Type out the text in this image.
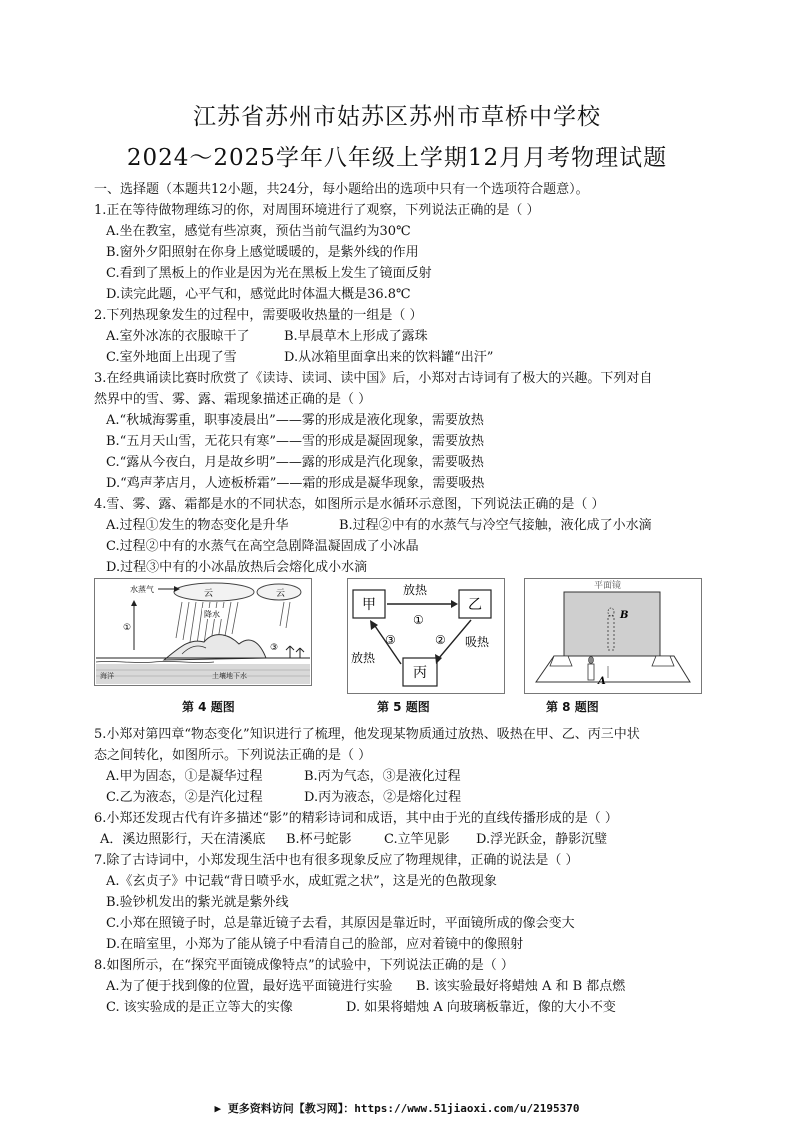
江苏省苏州市姑苏区苏州市草桥中学校
2024～2025学年八年级上学期12月月考物理试题
一、选择题（本题共12小题，共24分，每小题给出的选项中只有一个选项符合题意）。
1.正在等待做物理练习的你，对周围环境进行了观察，下列说法正确的是（ ）
A.坐在教室，感觉有些凉爽，预估当前气温约为30℃
B.窗外夕阳照射在你身上感觉暖暖的，是紫外线的作用
C.看到了黑板上的作业是因为光在黑板上发生了镜面反射
D.读完此题，心平气和，感觉此时体温大概是36.8℃
2.下列热现象发生的过程中，需要吸收热量的一组是（ ）
A.室外冰冻的衣服晾干了	B.早晨草木上形成了露珠
C.室外地面上出现了雪	D.从冰箱里面拿出来的饮料罐“出汗”
3.在经典诵读比赛时欣赏了《读诗、读词、读中国》后，小郑对古诗词有了极大的兴趣。下列对自
然界中的雪、雾、露、霜现象描述正确的是（ ）
A.“秋城海雾重，职事凌晨出”——雾的形成是液化现象，需要放热
B.“五月天山雪，无花只有寒”——雪的形成是凝固现象，需要放热
C.“露从今夜白，月是故乡明”——露的形成是汽化现象，需要吸热
D.“鸡声茅店月，人迹板桥霜”——霜的形成是凝华现象，需要吸热
4.雪、雾、露、霜都是水的不同状态，如图所示是水循环示意图，下列说法正确的是（ ）
A.过程①发生的物态变化是升华	B.过程②中有的水蒸气与冷空气接触，液化成了小水滴
C.过程②中有的水蒸气在高空急剧降温凝固成了小冰晶
D.过程③中有的小冰晶放热后会熔化成小水滴
云	云
降水
水蒸气
①
③
海洋	土壤地下水
第 4 题图
甲	乙
丙
放热
吸热
放热
①
②
③
第 5 题图
平面镜
B
A
第 8 题图
5.小郑对第四章“物态变化”知识进行了梳理，他发现某物质通过放热、吸热在甲、乙、丙三中状
态之间转化，如图所示。下列说法正确的是（ ）
A.甲为固态，①是凝华过程	B.丙为气态，③是液化过程
C.乙为液态，②是汽化过程	D.丙为液态，②是熔化过程
6.小郑还发现古代有许多描述“影”的精彩诗词和成语，其中由于光的直线传播形成的是（ ）
A．溪边照影行，天在清溪底	B.杯弓蛇影	C.立竿见影	D.浮光跃金，静影沉璧
7.除了古诗词中，小郑发现生活中也有很多现象反应了物理规律，正确的说法是（ ）
A.《玄贞子》中记载“背日喷乎水，成虹霓之状”，这是光的色散现象
B.验钞机发出的紫光就是紫外线
C.小郑在照镜子时，总是靠近镜子去看，其原因是靠近时，平面镜所成的像会变大
D.在暗室里，小郑为了能从镜子中看清自己的脸部，应对着镜中的像照射
8.如图所示，在“探究平面镜成像特点”的试验中，下列说法正确的是（ ）
A.为了便于找到像的位置，最好选平面镜进行实验	B. 该实验最好将蜡烛 A 和 B 都点燃
C. 该实验成的是正立等大的实像	D. 如果将蜡烛 A 向玻璃板靠近，像的大小不变
▶ 更多资料访问【教习网】：https://www.51jiaoxi.com/u/2195370
